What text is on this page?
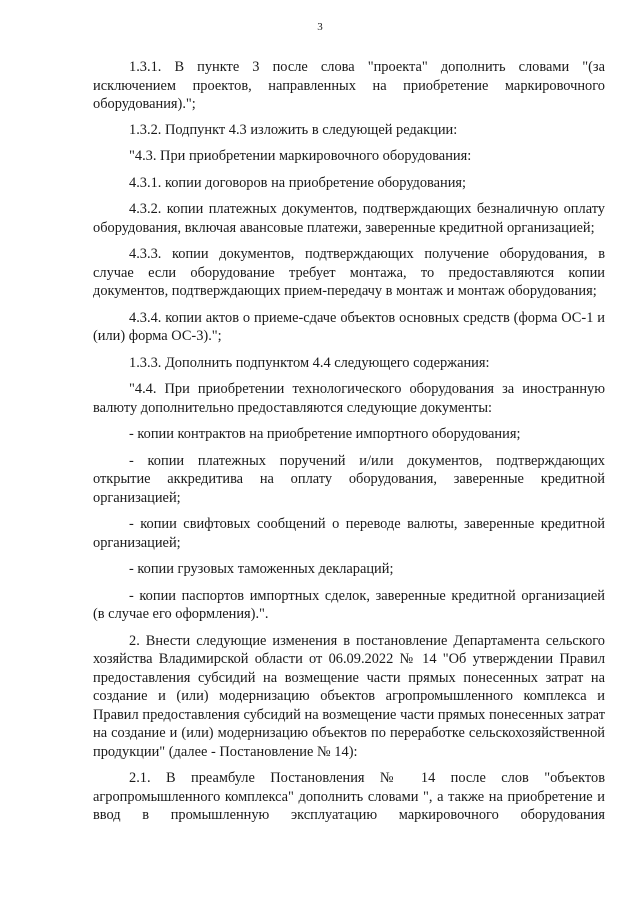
3

1.3.1. В пункте 3 после слова "проекта" дополнить словами "(за исключением проектов, направленных на приобретение маркировочного оборудования).";

1.3.2. Подпункт 4.3 изложить в следующей редакции:

"4.3. При приобретении маркировочного оборудования:

4.3.1. копии договоров на приобретение оборудования;

4.3.2. копии платежных документов, подтверждающих безналичную оплату оборудования, включая авансовые платежи, заверенные кредитной организацией;

4.3.3. копии документов, подтверждающих получение оборудования, в случае если оборудование требует монтажа, то предоставляются копии документов, подтверждающих прием-передачу в монтаж и монтаж оборудования;

4.3.4. копии актов о приеме-сдаче объектов основных средств (форма ОС-1 и (или) форма ОС-3).";

1.3.3. Дополнить подпунктом 4.4 следующего содержания:

"4.4. При приобретении технологического оборудования за иностранную валюту дополнительно предоставляются следующие документы:

- копии контрактов на приобретение импортного оборудования;

- копии платежных поручений и/или документов, подтверждающих открытие аккредитива на оплату оборудования, заверенные кредитной организацией;

- копии свифтовых сообщений о переводе валюты, заверенные кредитной организацией;

- копии грузовых таможенных деклараций;

- копии паспортов импортных сделок, заверенные кредитной организацией (в случае его оформления).".

2. Внести следующие изменения в постановление Департамента сельского хозяйства Владимирской области от 06.09.2022 № 14 "Об утверждении Правил предоставления субсидий на возмещение части прямых понесенных затрат на создание и (или) модернизацию объектов агропромышленного комплекса и Правил предоставления субсидий на возмещение части прямых понесенных затрат на создание и (или) модернизацию объектов по переработке сельскохозяйственной продукции" (далее - Постановление № 14):

2.1. В преамбуле Постановления № 14 после слов "объектов агропромышленного комплекса" дополнить словами ", а также на приобретение и ввод в промышленную эксплуатацию маркировочного оборудования
